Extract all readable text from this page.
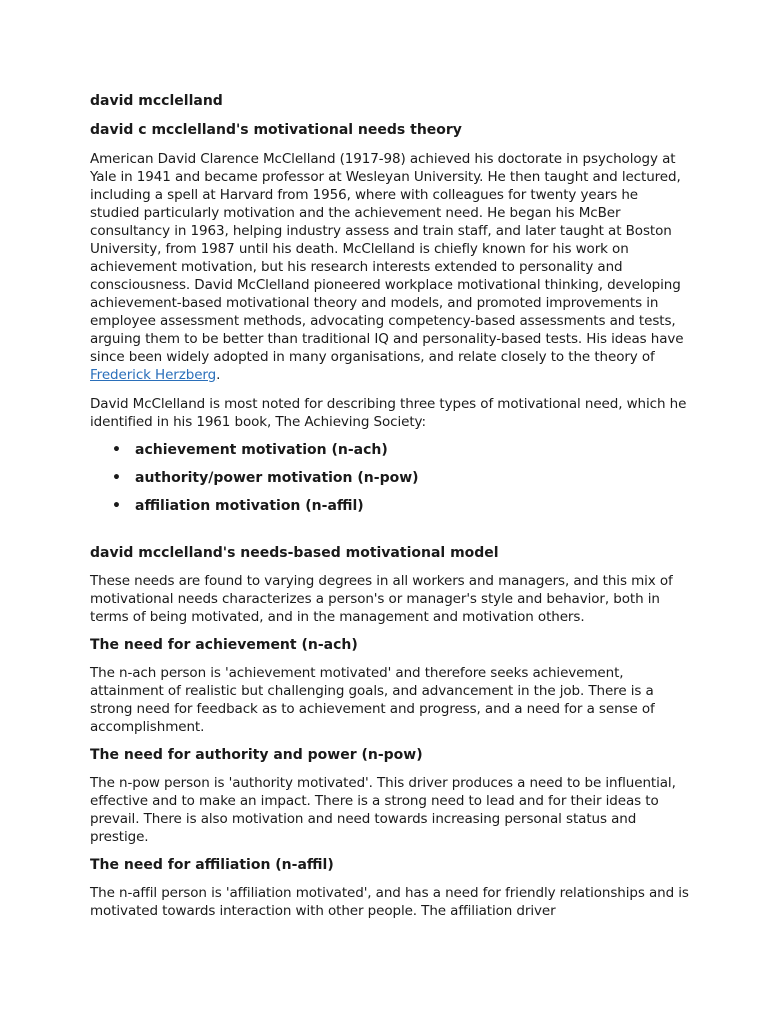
david mcclelland

david c mcclelland's motivational needs theory

American David Clarence McClelland (1917-98) achieved his doctorate in psychology at Yale in 1941 and became professor at Wesleyan University. He then taught and lectured, including a spell at Harvard from 1956, where with colleagues for twenty years he studied particularly motivation and the achievement need. He began his McBer consultancy in 1963, helping industry assess and train staff, and later taught at Boston University, from 1987 until his death. McClelland is chiefly known for his work on achievement motivation, but his research interests extended to personality and consciousness. David McClelland pioneered workplace motivational thinking, developing achievement-based motivational theory and models, and promoted improvements in employee assessment methods, advocating competency-based assessments and tests, arguing them to be better than traditional IQ and personality-based tests. His ideas have since been widely adopted in many organisations, and relate closely to the theory of Frederick Herzberg.

David McClelland is most noted for describing three types of motivational need, which he identified in his 1961 book, The Achieving Society:

• achievement motivation (n-ach)
• authority/power motivation (n-pow)
• affiliation motivation (n-affil)

david mcclelland's needs-based motivational model

These needs are found to varying degrees in all workers and managers, and this mix of motivational needs characterizes a person's or manager's style and behavior, both in terms of being motivated, and in the management and motivation others.

The need for achievement (n-ach)

The n-ach person is 'achievement motivated' and therefore seeks achievement, attainment of realistic but challenging goals, and advancement in the job. There is a strong need for feedback as to achievement and progress, and a need for a sense of accomplishment.

The need for authority and power (n-pow)

The n-pow person is 'authority motivated'. This driver produces a need to be influential, effective and to make an impact. There is a strong need to lead and for their ideas to prevail. There is also motivation and need towards increasing personal status and prestige.

The need for affiliation (n-affil)

The n-affil person is 'affiliation motivated', and has a need for friendly relationships and is motivated towards interaction with other people. The affiliation driver
